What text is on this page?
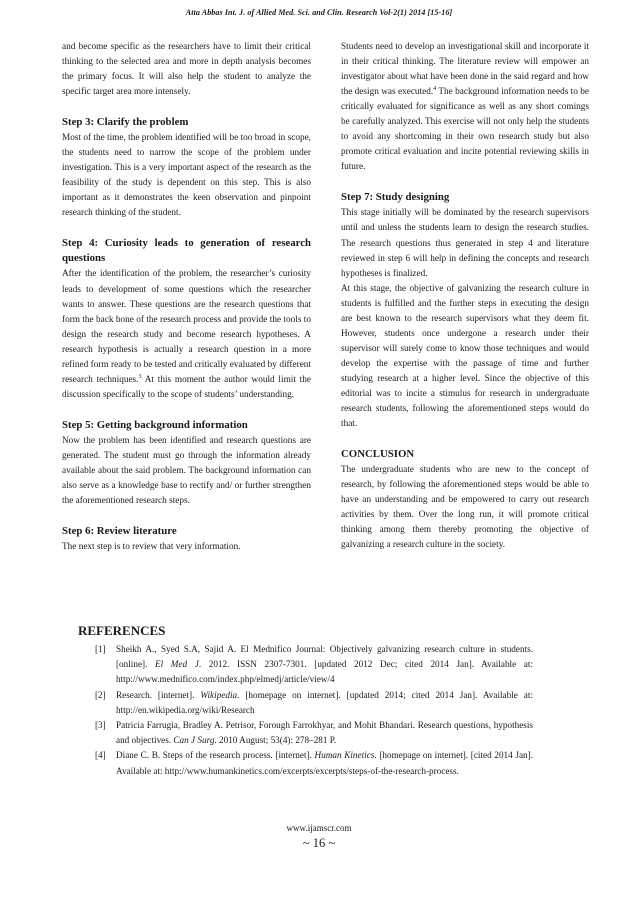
Atta Abbas Int. J. of Allied Med. Sci. and Clin. Research Vol-2(1) 2014 [15-16]

and become specific as the researchers have to limit their critical thinking to the selected area and more in depth analysis becomes the primary focus. It will also help the student to analyze the specific target area more intensely.

Step 3: Clarify the problem

Most of the time, the problem identified will be too broad in scope, the students need to narrow the scope of the problem under investigation. This is a very important aspect of the research as the feasibility of the study is dependent on this step. This is also important as it demonstrates the keen observation and pinpoint research thinking of the student.

Step 4: Curiosity leads to generation of research questions

After the identification of the problem, the researcher’s curiosity leads to development of some questions which the researcher wants to answer. These questions are the research questions that form the back bone of the research process and provide the tools to design the research study and become research hypotheses. A research hypothesis is actually a research question in a more refined form ready to be tested and critically evaluated by different research techniques.$^3$ At this moment the author would limit the discussion specifically to the scope of students’ understanding.

Step 5: Getting background information

Now the problem has been identified and research questions are generated. The student must go through the information already available about the said problem. The background information can also serve as a knowledge base to rectify and/ or further strengthen the aforementioned research steps.

Step 6: Review literature

The next step is to review that very information.

Students need to develop an investigational skill and incorporate it in their critical thinking. The literature review will empower an investigator about what have been done in the said regard and how the design was executed.$^4$ The background information needs to be critically evaluated for significance as well as any short comings be carefully analyzed. This exercise will not only help the students to avoid any shortcoming in their own research study but also promote critical evaluation and incite potential reviewing skills in future.

Step 7: Study designing

This stage initially will be dominated by the research supervisors until and unless the students learn to design the research studies. The research questions thus generated in step 4 and literature reviewed in step 6 will help in defining the concepts and research hypotheses is finalized.

At this stage, the objective of galvanizing the research culture in students is fulfilled and the further steps in executing the design are best known to the research supervisors what they deem fit. However, students once undergone a research under their supervisor will surely come to know those techniques and would develop the expertise with the passage of time and further studying research at a higher level. Since the objective of this editorial was to incite a stimulus for research in undergraduate research students, following the aforementioned steps would do that.

CONCLUSION

The undergraduate students who are new to the concept of research, by following the aforementioned steps would be able to have an understanding and be empowered to carry out research activities by them. Over the long run, it will promote critical thinking among them thereby promoting the objective of galvanizing a research culture in the society.

REFERENCES
[1]	Sheikh A., Syed S.A, Sajid A. El Mednifico Journal: Objectively galvanizing research culture in students. [online]. El Med J. 2012. ISSN 2307-7301. [updated 2012 Dec; cited 2014 Jan]. Available at: http://www.mednifico.com/index.php/elmedj/article/view/4
[2]	Research. [internet]. Wikipedia. [homepage on internet]. [updated 2014; cited 2014 Jan]. Available at: http://en.wikipedia.org/wiki/Research
[3]	Patricia Farrugia, Bradley A. Petrisor, Forough Farrokhyar, and Mohit Bhandari. Research questions, hypothesis and objectives. Can J Surg. 2010 August; 53(4): 278–281 P.
[4]	Diane C. B. Steps of the research process. [internet]. Human Kinetics. [homepage on internet]. [cited 2014 Jan]. Available at: http://www.humankinetics.com/excerpts/excerpts/steps-of-the-research-process.
www.ijamscr.com
~ 16 ~
